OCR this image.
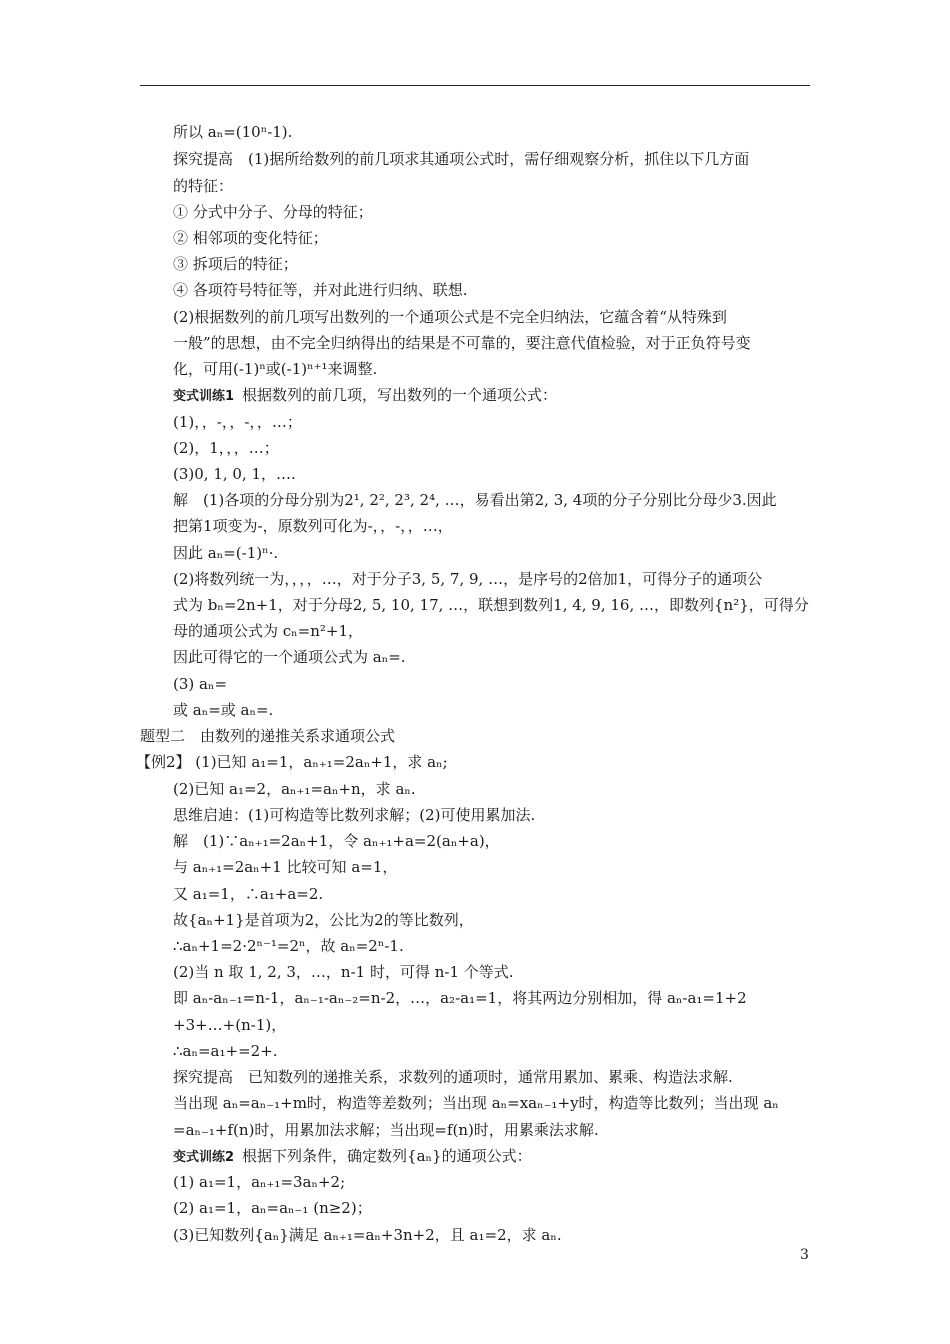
所以 aₙ=(10ⁿ-1).
探究提高　(1)据所给数列的前几项求其通项公式时，需仔细观察分析，抓住以下几方面
的特征：
① 分式中分子、分母的特征；
② 相邻项的变化特征；
③ 拆项后的特征；
④ 各项符号特征等，并对此进行归纳、联想.
(2)根据数列的前几项写出数列的一个通项公式是不完全归纳法，它蕴含着“从特殊到
一般”的思想，由不完全归纳得出的结果是不可靠的，要注意代值检验，对于正负符号变
化，可用(-1)ⁿ或(-1)ⁿ⁺¹来调整.
变式训练1 根据数列的前几项，写出数列的一个通项公式：
(1)，，-，，-，，…；
(2)，1，，，…；
(3)0, 1, 0, 1，….
解　(1)各项的分母分别为2¹, 2², 2³, 2⁴, …，易看出第2, 3, 4项的分子分别比分母少3.因此
把第1项变为-，原数列可化为-，，-，，…，
因此 aₙ=(-1)ⁿ·.
(2)将数列统一为，，，，…，对于分子3, 5, 7, 9, …，是序号的2倍加1，可得分子的通项公
式为 bₙ=2n+1，对于分母2, 5, 10, 17, …，联想到数列1, 4, 9, 16, …，即数列{n²}，可得分
母的通项公式为 cₙ=n²+1，
因此可得它的一个通项公式为 aₙ=.
(3) aₙ=
或 aₙ=或 aₙ=.
题型二　由数列的递推关系求通项公式
【例2】 (1)已知 a₁=1，aₙ₊₁=2aₙ+1，求 aₙ;
(2)已知 a₁=2，aₙ₊₁=aₙ+n，求 aₙ.
思维启迪：(1)可构造等比数列求解；(2)可使用累加法.
解　(1)∵aₙ₊₁=2aₙ+1，令 aₙ₊₁+a=2(aₙ+a)，
与 aₙ₊₁=2aₙ+1 比较可知 a=1，
又 a₁=1，∴a₁+a=2.
故{aₙ+1}是首项为2，公比为2的等比数列，
∴aₙ+1=2·2ⁿ⁻¹=2ⁿ，故 aₙ=2ⁿ-1.
(2)当 n 取 1, 2, 3，…，n-1 时，可得 n-1 个等式.
即 aₙ-aₙ₋₁=n-1，aₙ₋₁-aₙ₋₂=n-2，…，a₂-a₁=1，将其两边分别相加，得 aₙ-a₁=1+2
+3+…+(n-1)，
∴aₙ=a₁+=2+.
探究提高　已知数列的递推关系，求数列的通项时，通常用累加、累乘、构造法求解.
当出现 aₙ=aₙ₋₁+m时，构造等差数列；当出现 aₙ=xaₙ₋₁+y时，构造等比数列；当出现 aₙ
=aₙ₋₁+f(n)时，用累加法求解；当出现=f(n)时，用累乘法求解.
变式训练2 根据下列条件，确定数列{aₙ}的通项公式：
(1) a₁=1，aₙ₊₁=3aₙ+2;
(2) a₁=1，aₙ=aₙ₋₁ (n≥2)；
(3)已知数列{aₙ}满足 aₙ₊₁=aₙ+3n+2，且 a₁=2，求 aₙ.
3
